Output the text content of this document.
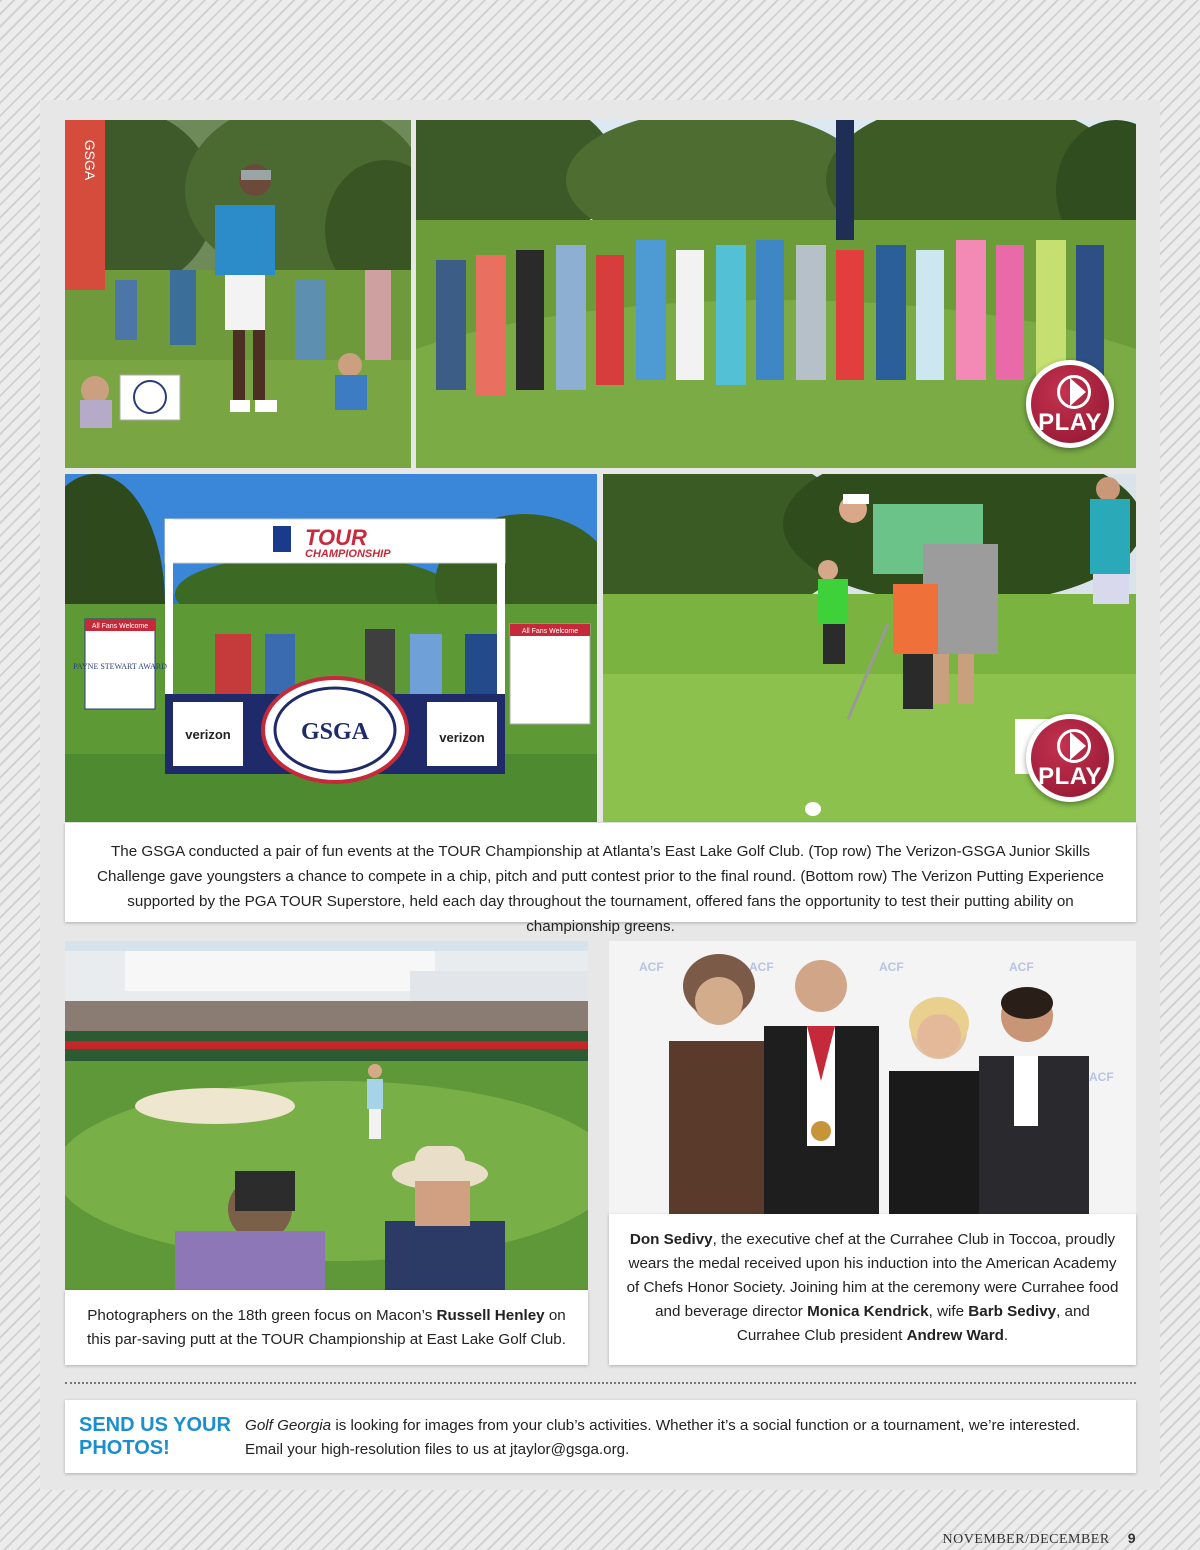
GSGA
TOUR
CHAMPIONSHIP
All Fans Welcome
PAYNE STEWART AWARD
All Fans Welcome
verizon	verizon
GSGA
PLAY
PLAY
The GSGA conducted a pair of fun events at the TOUR Championship at Atlanta’s East Lake Golf Club. (Top row) The Verizon-GSGA Junior Skills Challenge gave youngsters a chance to compete in a chip, pitch and putt contest prior to the final round. (Bottom row) The Verizon Putting Experience supported by the PGA TOUR Superstore, held each day throughout the tournament, offered fans the opportunity to test their putting ability on championship greens.
ACF	ACF	ACF	ACF
ACF
Photographers on the 18th green focus on Macon’s Russell Henley on this par-saving putt at the TOUR Championship at East Lake Golf Club.
Don Sedivy, the executive chef at the Currahee Club in Toccoa, proudly wears the medal received upon his induction into the American Academy of Chefs Honor Society. Joining him at the ceremony were Currahee food and beverage director Monica Kendrick, wife Barb Sedivy, and Currahee Club president Andrew Ward.
SEND US YOUR
PHOTOS!
Golf Georgia is looking for images from your club’s activities. Whether it’s a social function or a tournament, we’re interested.
Email your high-resolution files to us at jtaylor@gsga.org.
NOVEMBER/DECEMBER 9
